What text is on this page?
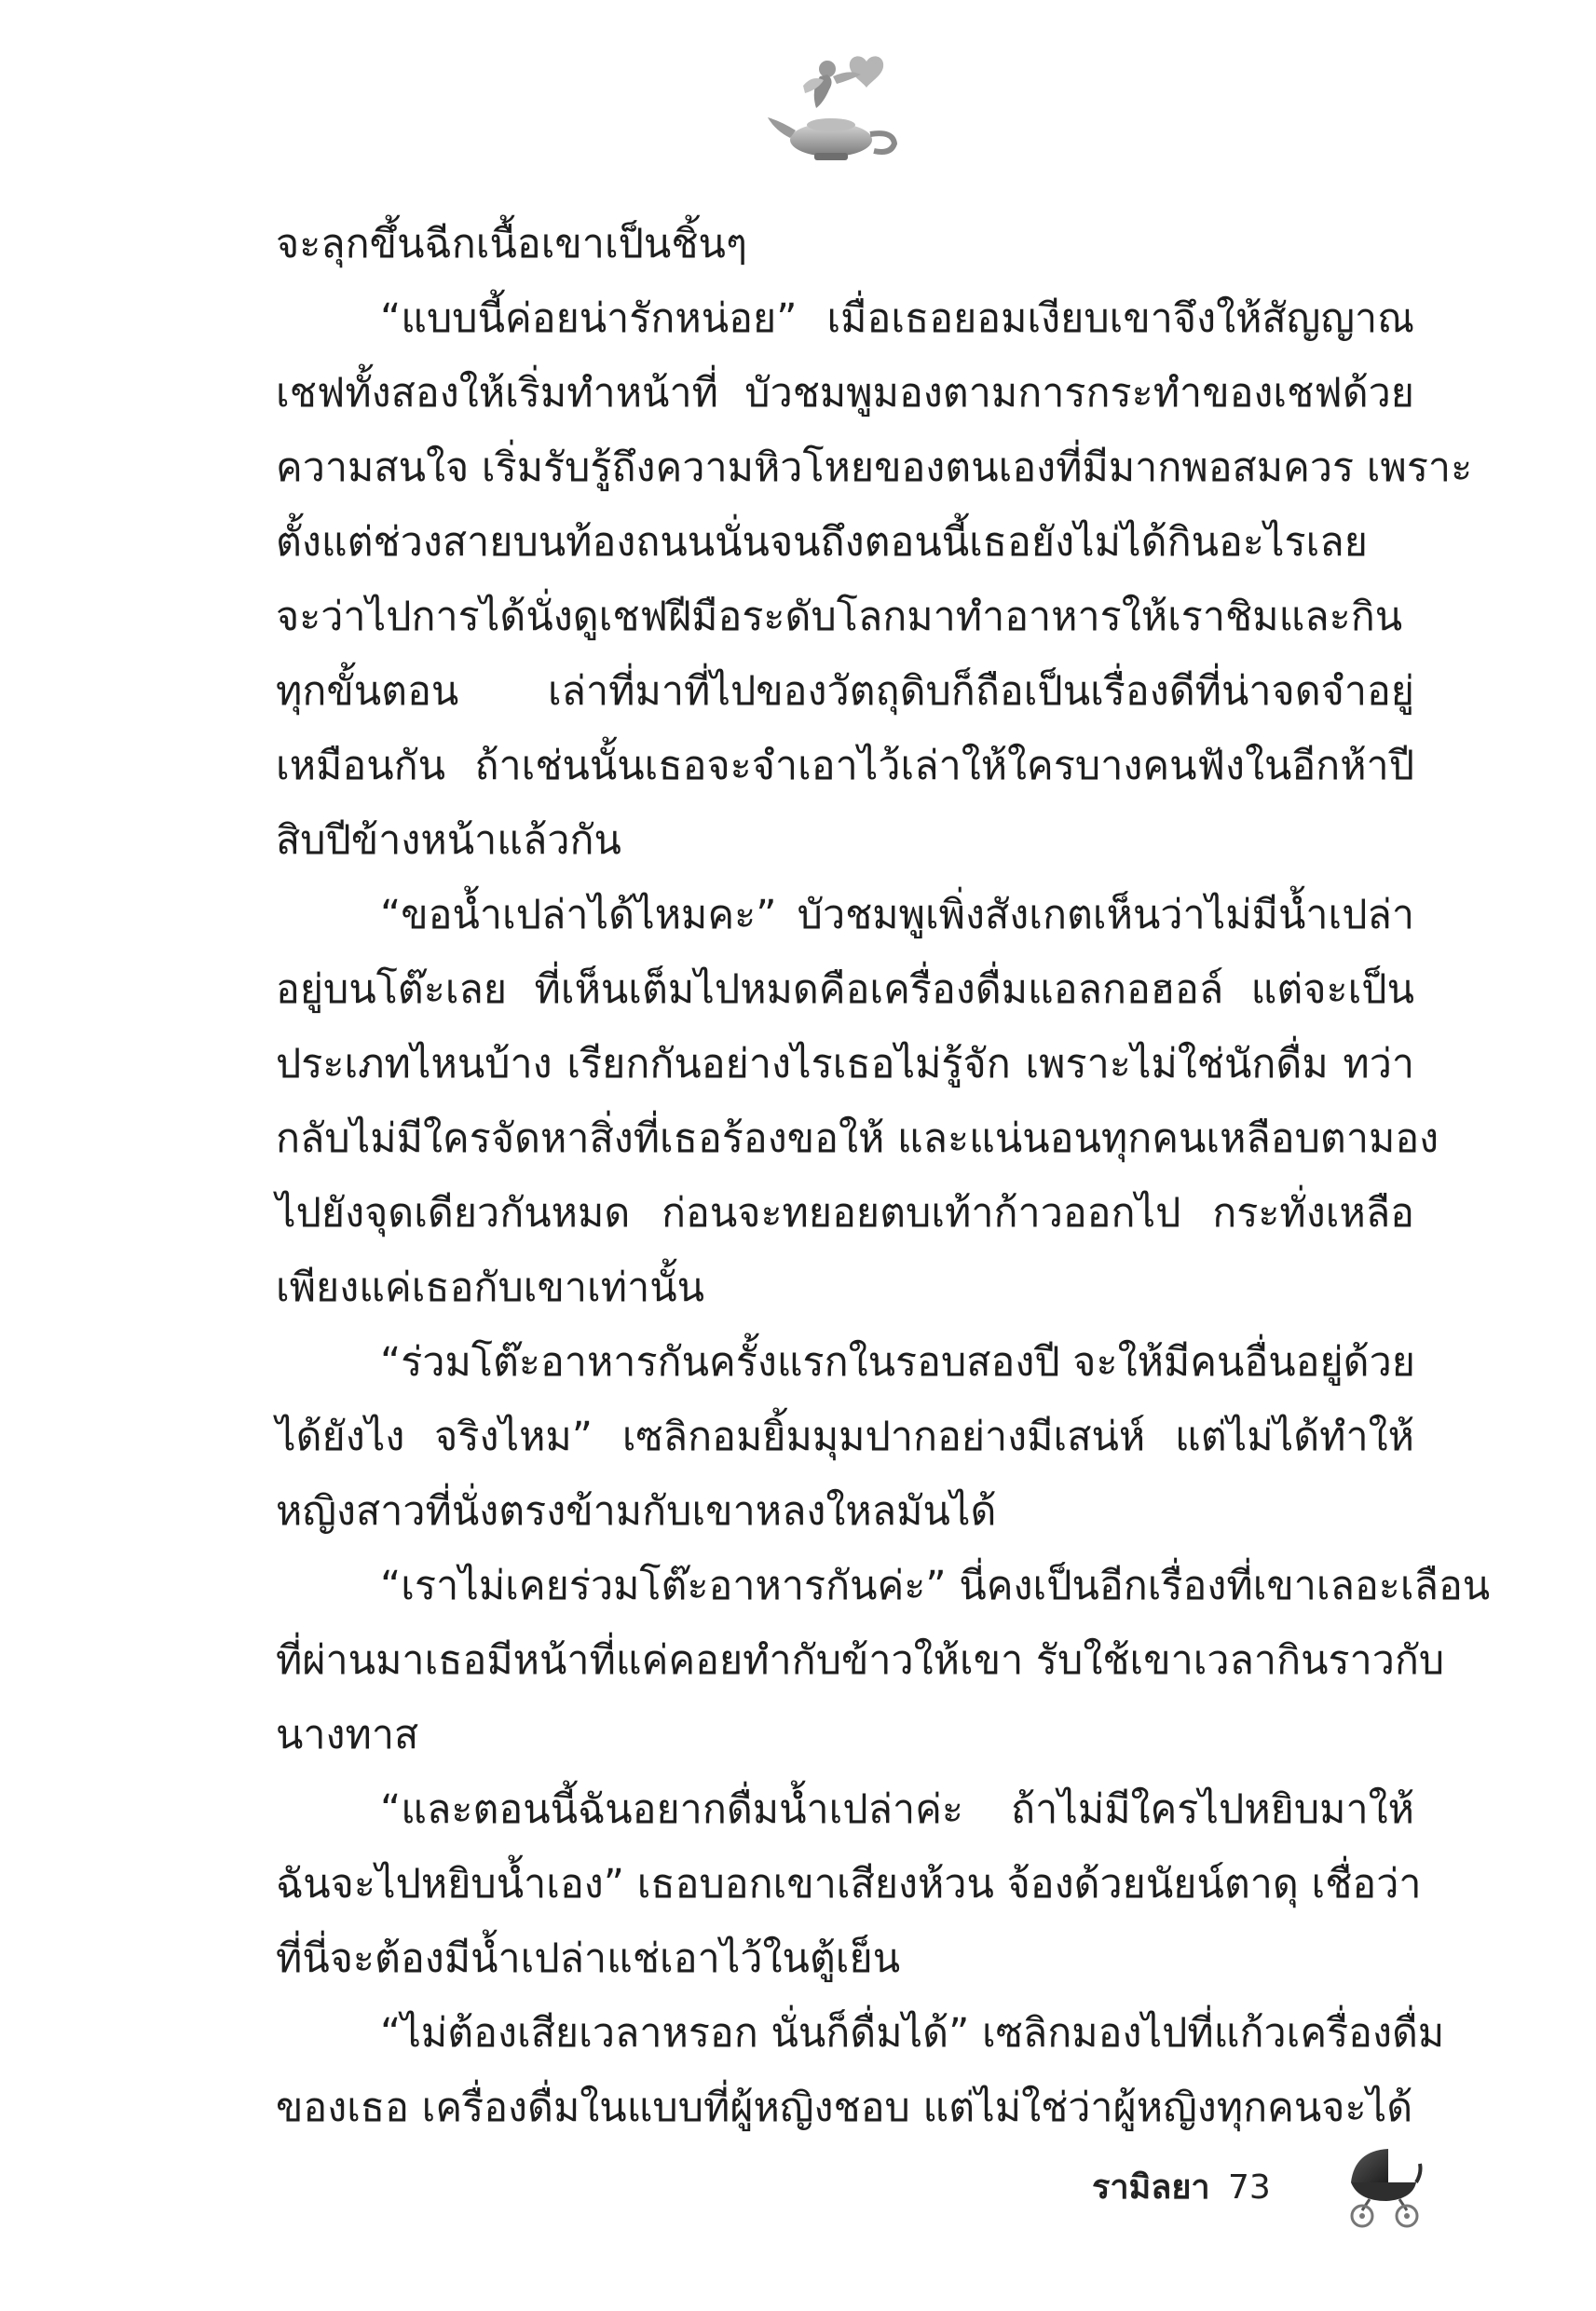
จะลุกขึ้นฉีกเนื้อเขาเป็นชิ้นๆ
“แบบนี้ค่อยน่ารักหน่อย” เมื่อเธอยอมเงียบเขาจึงให้สัญญาณ
เชฟทั้งสองให้เริ่มทำหน้าที่ บัวชมพูมองตามการกระทำของเชฟด้วย
ความสนใจ เริ่มรับรู้ถึงความหิวโหยของตนเองที่มีมากพอสมควร เพราะ
ตั้งแต่ช่วงสายบนท้องถนนนั่นจนถึงตอนนี้เธอยังไม่ได้กินอะไรเลย
จะว่าไปการได้นั่งดูเชฟฝีมือระดับโลกมาทำอาหารให้เราชิมและกิน
ทุกขั้นตอน เล่าที่มาที่ไปของวัตถุดิบก็ถือเป็นเรื่องดีที่น่าจดจำอยู่
เหมือนกัน ถ้าเช่นนั้นเธอจะจำเอาไว้เล่าให้ใครบางคนฟังในอีกห้าปี
สิบปีข้างหน้าแล้วกัน
“ขอน้ำเปล่าได้ไหมคะ” บัวชมพูเพิ่งสังเกตเห็นว่าไม่มีน้ำเปล่า
อยู่บนโต๊ะเลย ที่เห็นเต็มไปหมดคือเครื่องดื่มแอลกอฮอล์ แต่จะเป็น
ประเภทไหนบ้าง เรียกกันอย่างไรเธอไม่รู้จัก เพราะไม่ใช่นักดื่ม ทว่า
กลับไม่มีใครจัดหาสิ่งที่เธอร้องขอให้ และแน่นอนทุกคนเหลือบตามอง
ไปยังจุดเดียวกันหมด ก่อนจะทยอยตบเท้าก้าวออกไป กระทั่งเหลือ
เพียงแค่เธอกับเขาเท่านั้น
“ร่วมโต๊ะอาหารกันครั้งแรกในรอบสองปี จะให้มีคนอื่นอยู่ด้วย
ได้ยังไง จริงไหม” เซลิกอมยิ้มมุมปากอย่างมีเสน่ห์ แต่ไม่ได้ทำให้
หญิงสาวที่นั่งตรงข้ามกับเขาหลงใหลมันได้
“เราไม่เคยร่วมโต๊ะอาหารกันค่ะ” นี่คงเป็นอีกเรื่องที่เขาเลอะเลือน
ที่ผ่านมาเธอมีหน้าที่แค่คอยทำกับข้าวให้เขา รับใช้เขาเวลากินราวกับ
นางทาส
“และตอนนี้ฉันอยากดื่มน้ำเปล่าค่ะ ถ้าไม่มีใครไปหยิบมาให้
ฉันจะไปหยิบน้ำเอง” เธอบอกเขาเสียงห้วน จ้องด้วยนัยน์ตาดุ เชื่อว่า
ที่นี่จะต้องมีน้ำเปล่าแช่เอาไว้ในตู้เย็น
“ไม่ต้องเสียเวลาหรอก นั่นก็ดื่มได้” เซลิกมองไปที่แก้วเครื่องดื่ม
ของเธอ เครื่องดื่มในแบบที่ผู้หญิงชอบ แต่ไม่ใช่ว่าผู้หญิงทุกคนจะได้
รามิลยา 73
